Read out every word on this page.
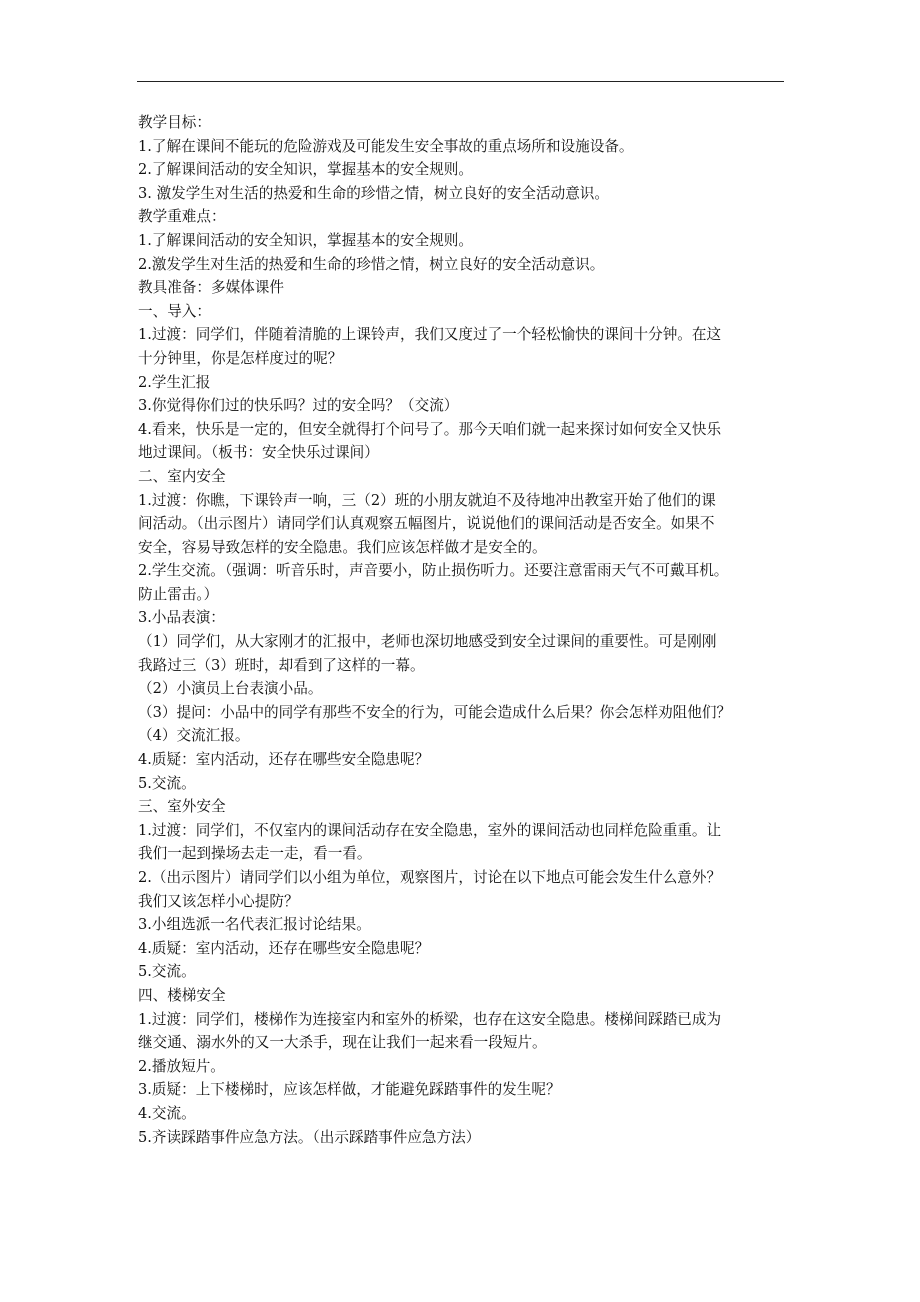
教学目标：
1.了解在课间不能玩的危险游戏及可能发生安全事故的重点场所和设施设备。
2.了解课间活动的安全知识，掌握基本的安全规则。
3. 激发学生对生活的热爱和生命的珍惜之情，树立良好的安全活动意识。
教学重难点：
1.了解课间活动的安全知识，掌握基本的安全规则。
2.激发学生对生活的热爱和生命的珍惜之情，树立良好的安全活动意识。
教具准备：多媒体课件
一、导入：
1.过渡：同学们，伴随着清脆的上课铃声，我们又度过了一个轻松愉快的课间十分钟。在这
十分钟里，你是怎样度过的呢？
2.学生汇报
3.你觉得你们过的快乐吗？过的安全吗？（交流）
4.看来，快乐是一定的，但安全就得打个问号了。那今天咱们就一起来探讨如何安全又快乐
地过课间。（板书：安全快乐过课间）
二、室内安全
1.过渡：你瞧，下课铃声一响，三（2）班的小朋友就迫不及待地冲出教室开始了他们的课
间活动。（出示图片）请同学们认真观察五幅图片，说说他们的课间活动是否安全。如果不
安全，容易导致怎样的安全隐患。我们应该怎样做才是安全的。
2.学生交流。（强调：听音乐时，声音要小，防止损伤听力。还要注意雷雨天气不可戴耳机。
防止雷击。）
3.小品表演：
（1）同学们，从大家刚才的汇报中，老师也深切地感受到安全过课间的重要性。可是刚刚
我路过三（3）班时，却看到了这样的一幕。
（2）小演员上台表演小品。
（3）提问：小品中的同学有那些不安全的行为，可能会造成什么后果？你会怎样劝阻他们？
（4）交流汇报。
4.质疑：室内活动，还存在哪些安全隐患呢？
5.交流。
三、室外安全
1.过渡：同学们，不仅室内的课间活动存在安全隐患，室外的课间活动也同样危险重重。让
我们一起到操场去走一走，看一看。
2.（出示图片）请同学们以小组为单位，观察图片，讨论在以下地点可能会发生什么意外？
我们又该怎样小心提防？
3.小组选派一名代表汇报讨论结果。
4.质疑：室内活动，还存在哪些安全隐患呢？
5.交流。
四、楼梯安全
1.过渡：同学们，楼梯作为连接室内和室外的桥梁，也存在这安全隐患。楼梯间踩踏已成为
继交通、溺水外的又一大杀手，现在让我们一起来看一段短片。
2.播放短片。
3.质疑：上下楼梯时，应该怎样做，才能避免踩踏事件的发生呢？
4.交流。
5.齐读踩踏事件应急方法。（出示踩踏事件应急方法）
